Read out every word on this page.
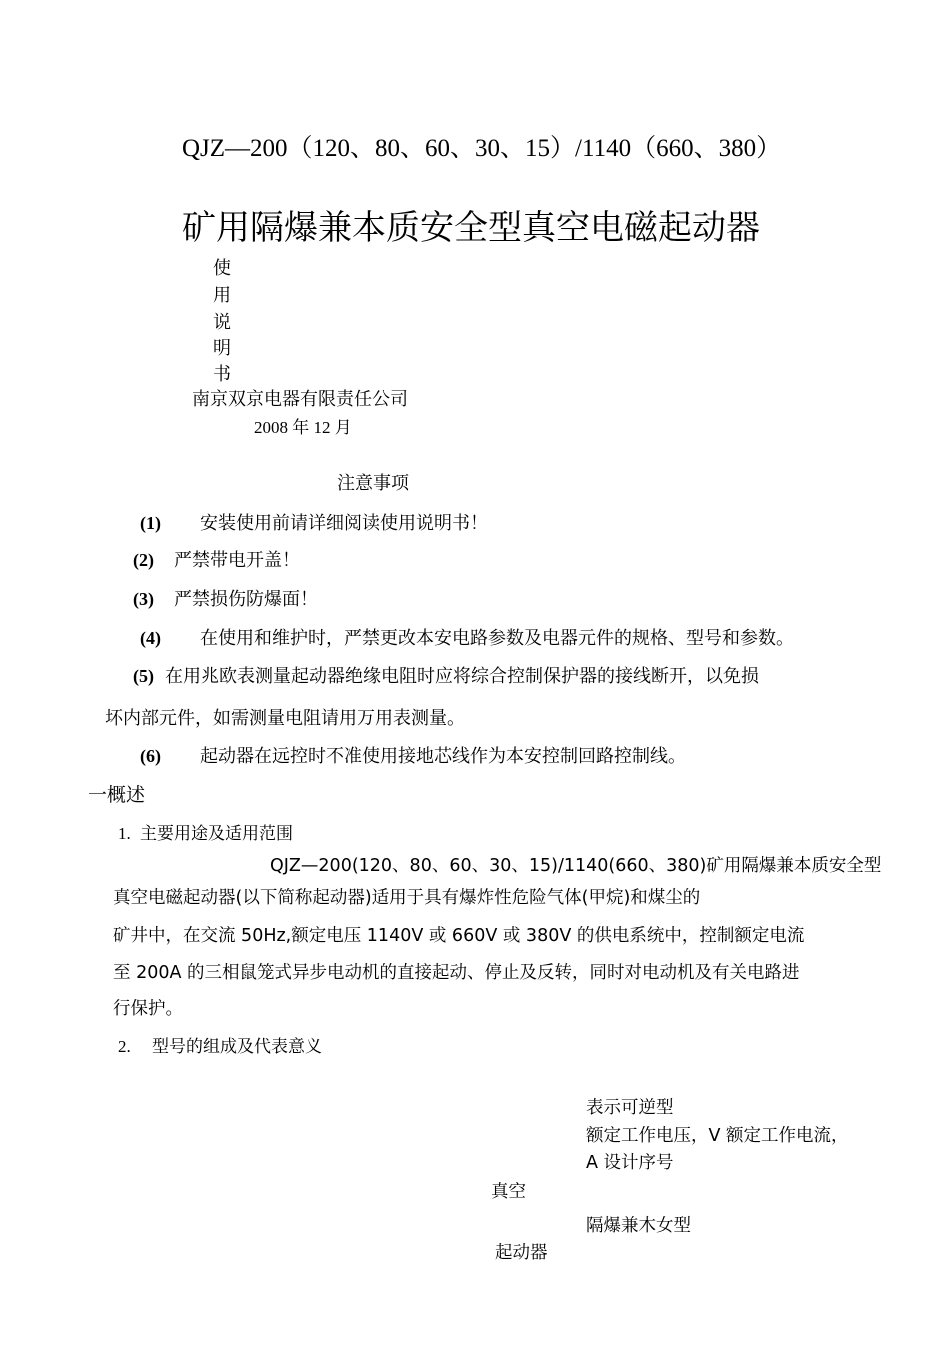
QJZ—200（120、80、60、30、15）/1140（660、380）
矿用隔爆兼本质安全型真空电磁起动器
使
用
说
明
书
南京双京电器有限责任公司
2008 年 12 月
注意事项
(1) 安装使用前请详细阅读使用说明书！
(2) 严禁带电开盖！
(3) 严禁损伤防爆面！
(4) 在使用和维护时，严禁更改本安电路参数及电器元件的规格、型号和参数。
(5) 在用兆欧表测量起动器绝缘电阻时应将综合控制保护器的接线断开，以免损
坏内部元件，如需测量电阻请用万用表测量。
(6) 起动器在远控时不准使用接地芯线作为本安控制回路控制线。
一概述
1. 主要用途及适用范围
QJZ—200(120、80、60、30、15)/1140(660、380)矿用隔爆兼本质安全型
真空电磁起动器(以下简称起动器)适用于具有爆炸性危险气体(甲烷)和煤尘的
矿井中，在交流 50Hz,额定电压 1140V 或 660V 或 380V 的供电系统中，控制额定电流
至 200A 的三相鼠笼式异步电动机的直接起动、停止及反转，同时对电动机及有关电路进
行保护。
2. 型号的组成及代表意义
表示可逆型
额定工作电压，V 额定工作电流，
A 设计序号
真空
隔爆兼木女型
起动器
